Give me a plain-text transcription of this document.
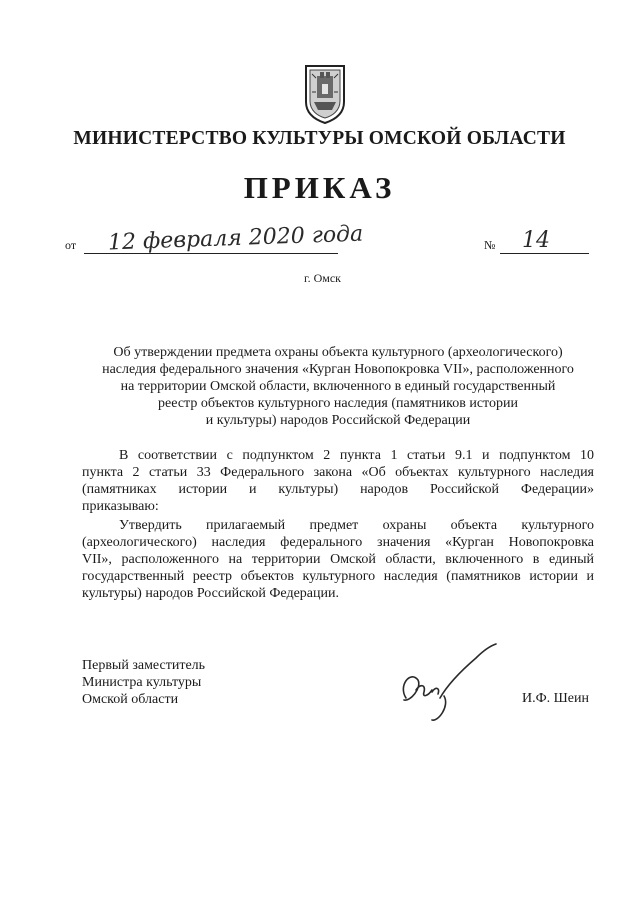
МИНИСТЕРСТВО КУЛЬТУРЫ ОМСКОЙ ОБЛАСТИ
ПРИКАЗ
от 12 февраля 2020 года	№ 14
г. Омск
Об утверждении предмета охраны объекта культурного (археологического)
наследия федерального значения «Курган Новопокровка VII», расположенного
на территории Омской области, включенного в единый государственный
реестр объектов культурного наследия (памятников истории
и культуры) народов Российской Федерации
В соответствии с подпунктом 2 пункта 1 статьи 9.1 и подпунктом 10
пункта 2 статьи 33 Федерального закона «Об объектах культурного наследия
(памятниках истории и культуры) народов Российской Федерации»
приказываю:
Утвердить прилагаемый предмет охраны объекта культурного
(археологического) наследия федерального значения «Курган Новопокровка
VII», расположенного на территории Омской области, включенного в единый
государственный реестр объектов культурного наследия (памятников истории и
культуры) народов Российской Федерации.
Первый заместитель
Министра культуры
Омской области	И.Ф. Шеин
